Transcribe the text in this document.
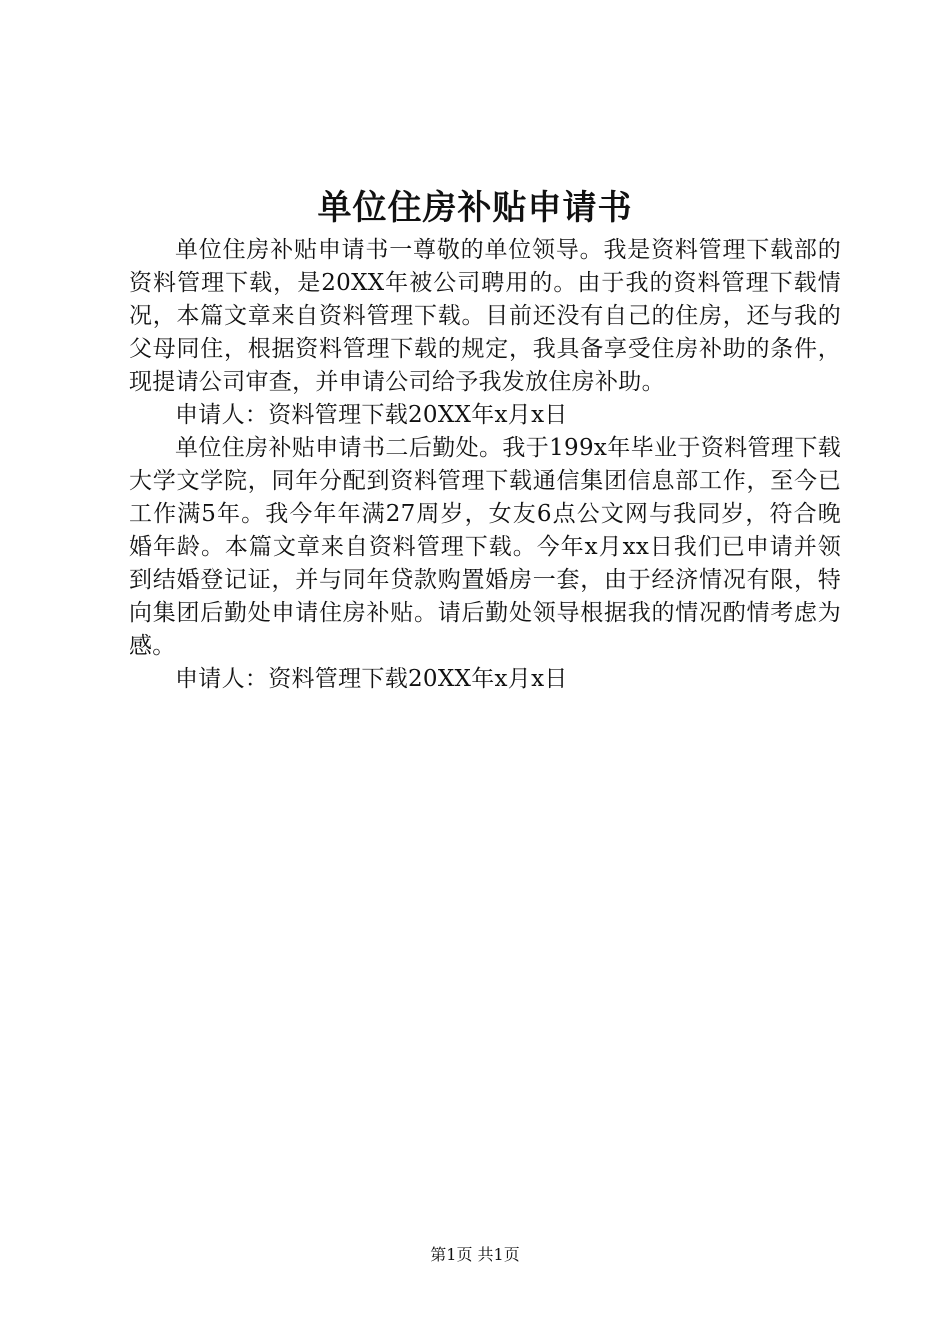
单位住房补贴申请书

单位住房补贴申请书一尊敬的单位领导。我是资料管理下载部的资料管理下载，是20XX年被公司聘用的。由于我的资料管理下载情况，本篇文章来自资料管理下载。目前还没有自己的住房，还与我的父母同住，根据资料管理下载的规定，我具备享受住房补助的条件，现提请公司审查，并申请公司给予我发放住房补助。

申请人：资料管理下载20XX年x月x日

单位住房补贴申请书二后勤处。我于199x年毕业于资料管理下载大学文学院，同年分配到资料管理下载通信集团信息部工作，至今已工作满5年。我今年年满27周岁，女友6点公文网与我同岁，符合晚婚年龄。本篇文章来自资料管理下载。今年x月xx日我们已申请并领到结婚登记证，并与同年贷款购置婚房一套，由于经济情况有限，特向集团后勤处申请住房补贴。请后勤处领导根据我的情况酌情考虑为感。

申请人：资料管理下载20XX年x月x日

第1页 共1页
